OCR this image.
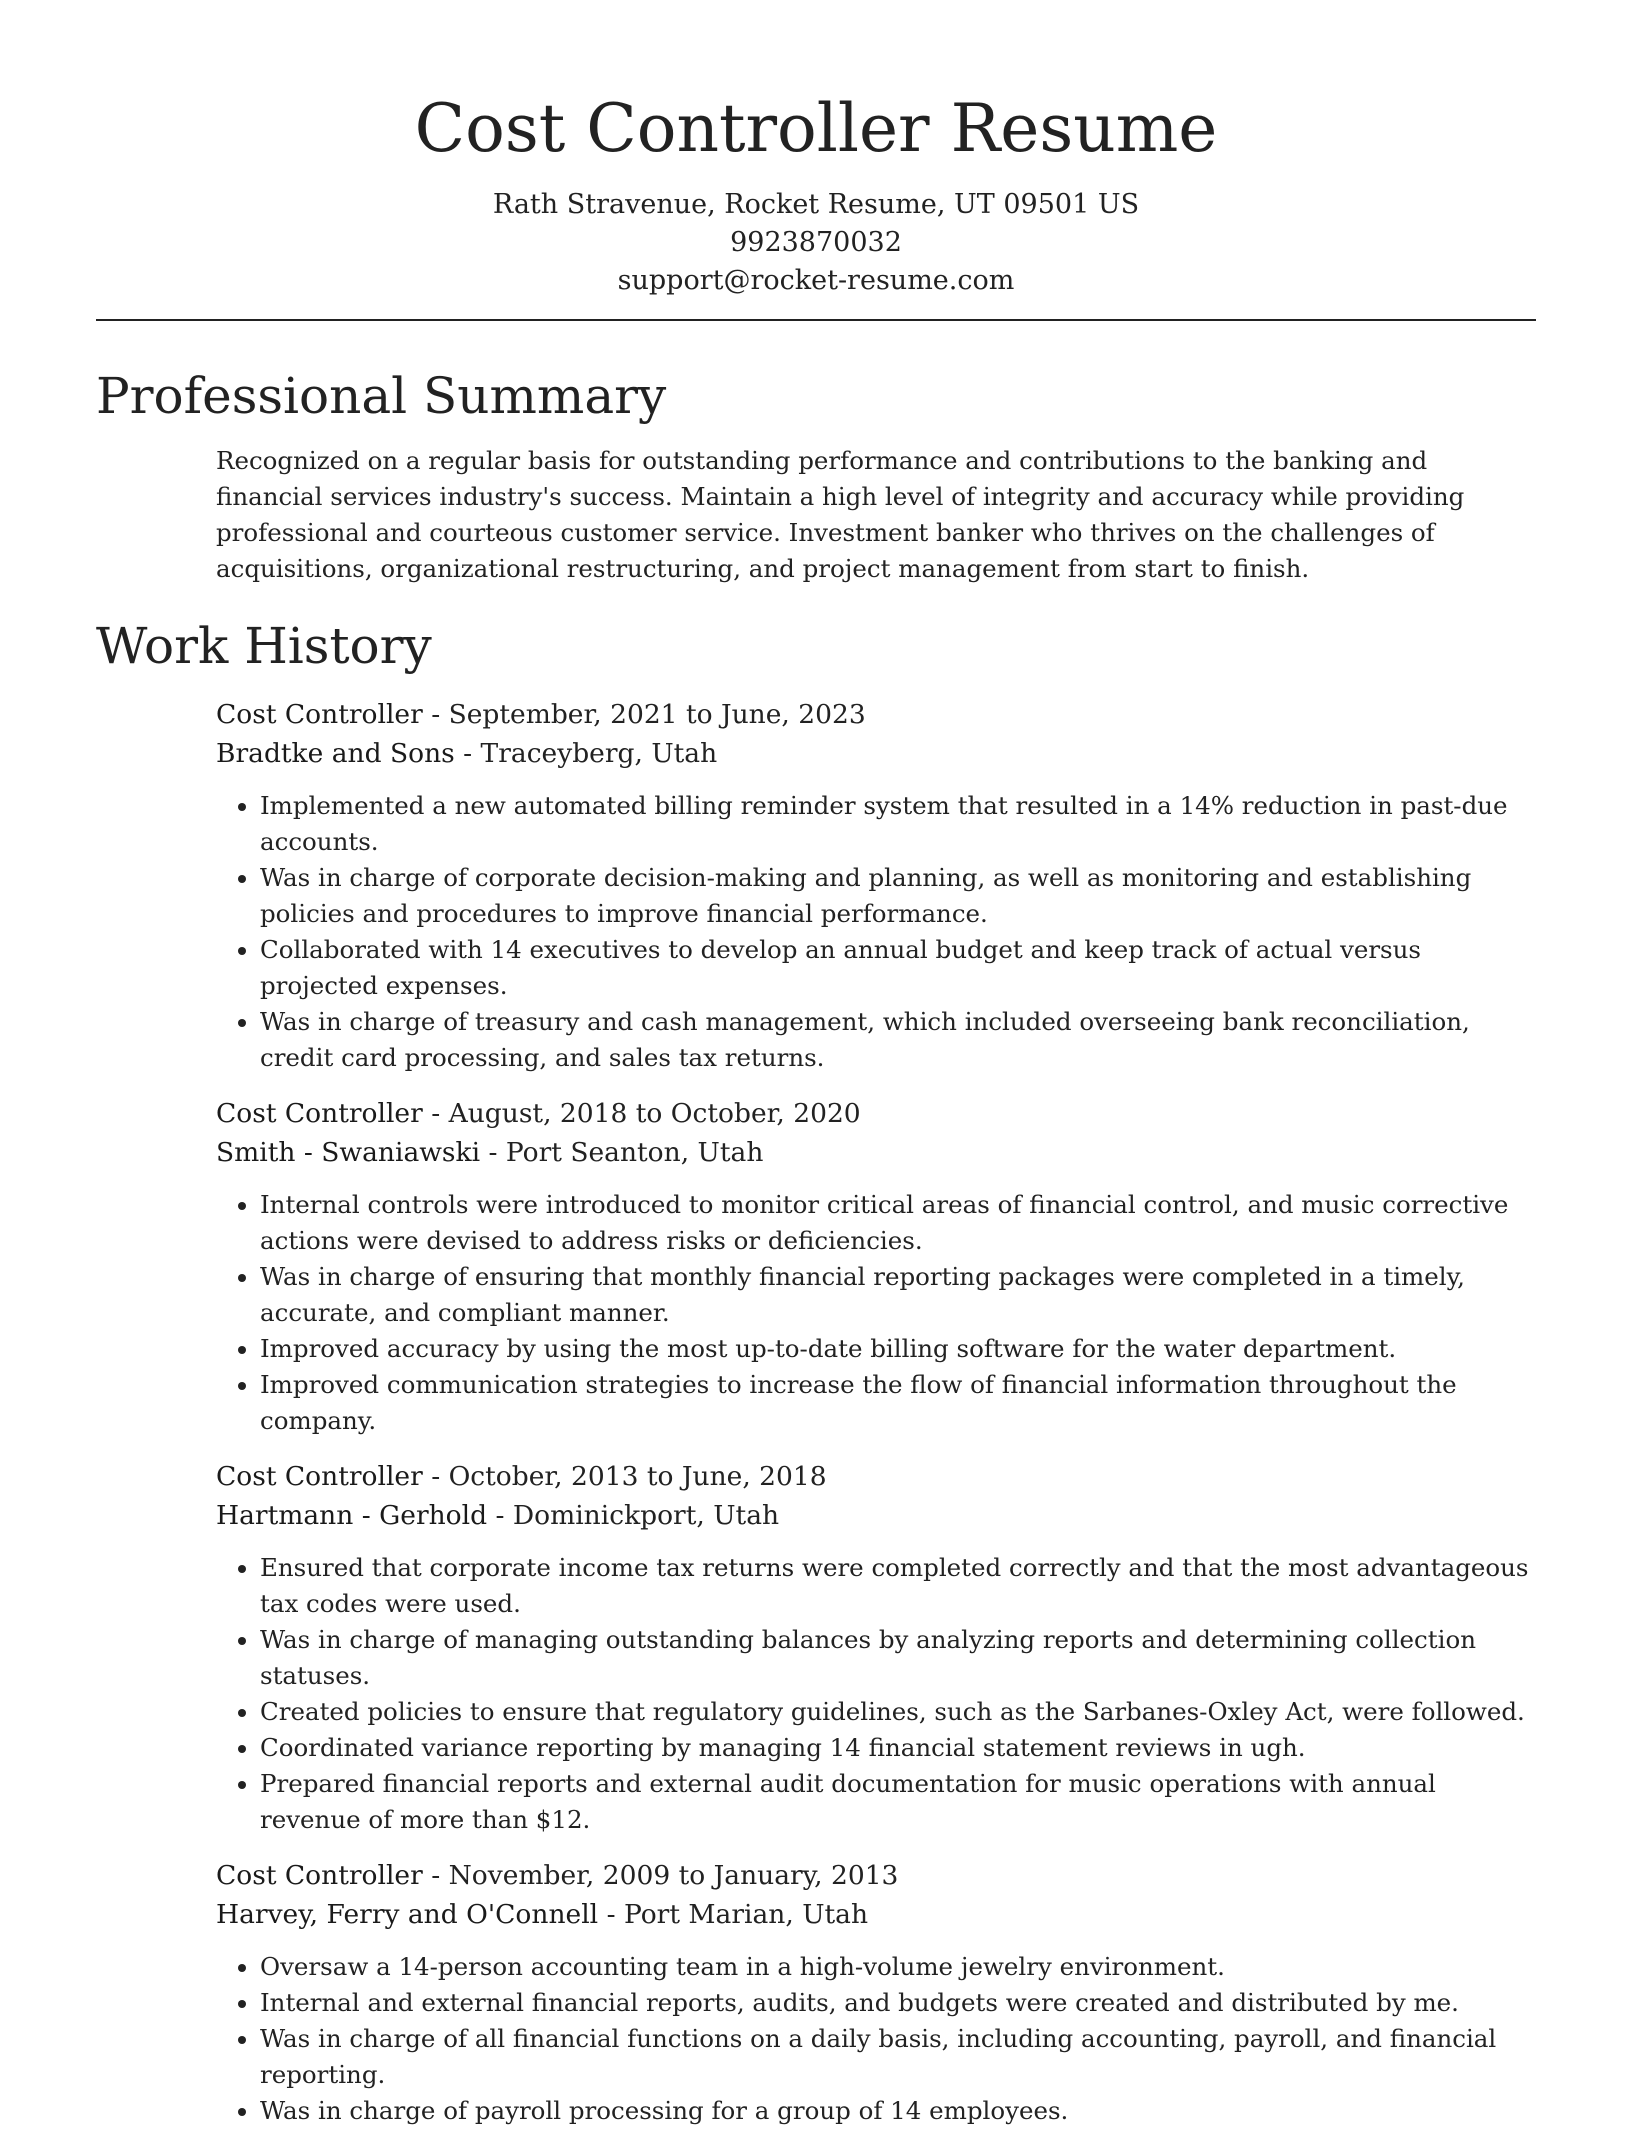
Cost Controller Resume
Rath Stravenue, Rocket Resume, UT 09501 US
9923870032
support@rocket-resume.com
Professional Summary

Recognized on a regular basis for outstanding performance and contributions to the banking and financial services industry's success. Maintain a high level of integrity and accuracy while providing professional and courteous customer service. Investment banker who thrives on the challenges of acquisitions, organizational restructuring, and project management from start to finish.

Work History
Cost Controller - September, 2021 to June, 2023
Bradtke and Sons - Traceyberg, Utah
• Implemented a new automated billing reminder system that resulted in a 14% reduction in past-due accounts.
• Was in charge of corporate decision-making and planning, as well as monitoring and establishing policies and procedures to improve financial performance.
• Collaborated with 14 executives to develop an annual budget and keep track of actual versus projected expenses.
• Was in charge of treasury and cash management, which included overseeing bank reconciliation, credit card processing, and sales tax returns.
Cost Controller - August, 2018 to October, 2020
Smith - Swaniawski - Port Seanton, Utah
• Internal controls were introduced to monitor critical areas of financial control, and music corrective actions were devised to address risks or deficiencies.
• Was in charge of ensuring that monthly financial reporting packages were completed in a timely, accurate, and compliant manner.
• Improved accuracy by using the most up-to-date billing software for the water department.
• Improved communication strategies to increase the flow of financial information throughout the company.
Cost Controller - October, 2013 to June, 2018
Hartmann - Gerhold - Dominickport, Utah
• Ensured that corporate income tax returns were completed correctly and that the most advantageous tax codes were used.
• Was in charge of managing outstanding balances by analyzing reports and determining collection statuses.
• Created policies to ensure that regulatory guidelines, such as the Sarbanes-Oxley Act, were followed.
• Coordinated variance reporting by managing 14 financial statement reviews in ugh.
• Prepared financial reports and external audit documentation for music operations with annual revenue of more than $12.
Cost Controller - November, 2009 to January, 2013
Harvey, Ferry and O'Connell - Port Marian, Utah
• Oversaw a 14-person accounting team in a high-volume jewelry environment.
• Internal and external financial reports, audits, and budgets were created and distributed by me.
• Was in charge of all financial functions on a daily basis, including accounting, payroll, and financial reporting.
• Was in charge of payroll processing for a group of 14 employees.
